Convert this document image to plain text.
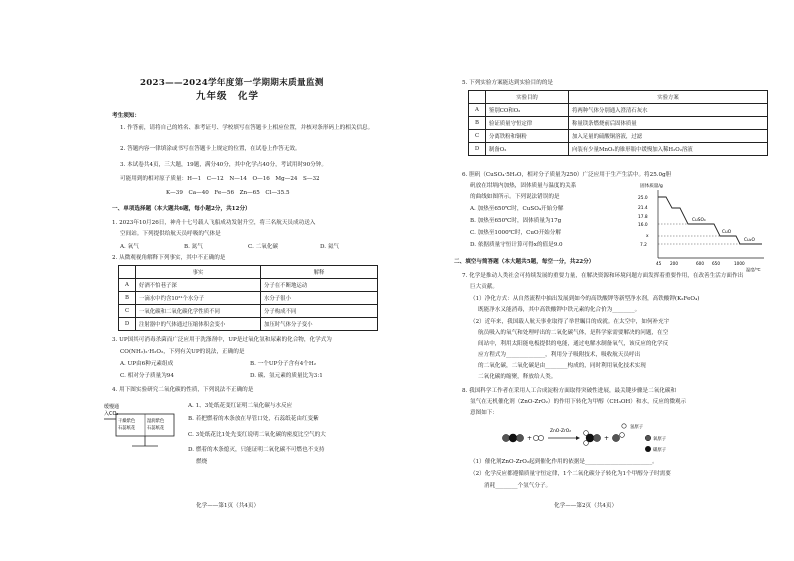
2023——2024学年度第一学期期末质量监测
九年级　化学
考生须知：
1. 作答前，请将自己的姓名、准考证号、学校填写在答题卡上相应位置，并核对条形码上的相关信息。
2. 答题内容一律填涂或书写在答题卡上规定的位置，在试卷上作答无效。
3. 本试卷共4页，三大题，19题，满分40分，其中化学占40分，考试用时90分钟。
可能用到的相对原子质量：H—1　C—12　N—14　O—16　Mg—24　S—32
K—39　Ca—40　Fe—56　Zn—65　Cl—35.5
一、单项选择题（本大题共6题，每小题2分，共12分）
1. 2023年10月26日，神舟十七号载人飞船成功发射升空，将三名航天员成功送入
空间站。下列提供给航天员呼吸的气体是
A. 氧气	B. 氮气	C. 二氧化碳	D. 氦气
2. 从微观视角解释下列事实，其中不正确的是
	事实	解释
A	好酒不怕巷子深	分子在不断地运动
B	一滴水中约含10²¹个水分子	水分子很小
C	一氧化碳和二氧化碳化学性质不同	分子构成不同
D	注射器中的气体通过压缩体积会变小	加压时气体分子变小
3. UP国其可消毒杀菌而广泛应用于洗涤剂中，UP是过氧化氢和尿素的化合物，化学式为
CO(NH₂)₂·H₂O₂，下列有关UP的说法，正确的是
A. UP由6种元素组成	B. 一个UP分子含有4个H₂
C. 相对分子质量为94	D. 碳、氢元素的质量比为3:1
4. 用下图实验研究二氧化碳的性质，下列说法不正确的是
缓慢通
入CO₂
干燥紫色
石蕊纸花
湿润紫色
石蕊纸花
A. 1、3处纸花变红证明二氧化碳与水反应
B. 若把燃着的木条放在导管口处，石蕊纸花由红变紫
C. 3处纸花比1处先变红说明二氧化碳的密度比空气的大
D. 燃着的木条熄灭，只能证明二氧化碳不可燃也不支持
燃烧
化学——第1页（共4页）
5. 下列实验方案能达到实验目的的是
	实验目的	实验方案
A	鉴别CO和O₂	将两种气体分别通入澄清石灰水
B	验证质量守恒定律	称量镁条燃烧前后固体质量
C	分离铁粉和铜粉	加入足量的硫酸铜溶液，过滤
D	制备O₂	向装有少量MnO₂的锥形瓶中缓慢加入稀H₂O₂溶液
6. 胆矾（CuSO₄·5H₂O，相对分子质量为250）广泛应用于生产生活中。将25.0g胆
矾放在坩埚内加热，固体质量与温度的关系
的曲线如图所示。下列说法错误的是
A. 加热至650℃时，CuSO₄开始分解
B. 加热至650℃时，固体质量为17g
C. 加热至1000℃时，CuO开始分解
D. 依据质量守恒计算可得x的值是9.0
固体质量/g
25.0
21.4
17.8
16.0
x
7.2
CuSO₄
CuO
Cu₂O
45 200	600 650	1000
温度/℃
二、填空与简答题（本大题共5题，每空一分，共22分）
7. 化学是推动人类社会可持续发展的重要力量，在解决资源和环境问题方面发挥着重要作用，在改善生活方面作出
巨大贡献。
（1）净化方式：从自然流程中抽出发展到如今的高铁酸钾等新型净水剂，高铁酸钾(K₂FeO₄)
既能净水又能消毒，其中高铁酸钾中铁元素的化合价为________。
（2）近年来，我国载人航天事业取得了举世瞩目的成就。在太空中，如何补充宇
航员吸入的氧气和处理呼出的二氧化碳气体，是科学家需要解决的问题，在空
间站中，利用太阳能电板提供的电能，通过电解水制备氧气，该反应的化学反
应方程式为______________，利用分子吸附技术，吸收航天员呼出
的二氧化碳，二氧化碳是由________构成的，同时利用氧化技术实现
二氧化碳的缩聚，释放给人类。
8. 我国科学工作者在采用人工合成淀粉方面取得突破性进展，最关键步骤是二氧化碳和
氢气在无机催化剂（ZnO-ZrO₂）的作用下转化为甲醇（CH₃OH）和水，反应的微观示
意图如下：
+
ZnO-ZrO₂
+
氢原子
氧原子
碳原子
（1）催化剂ZnO-ZrO₂起到催化作用的依据是________________________。
（2）化学反应都遵循质量守恒定律，1个二氧化碳分子转化为1个甲醇分子时需要
消耗________个氢气分子。
化学——第2页（共4页）
